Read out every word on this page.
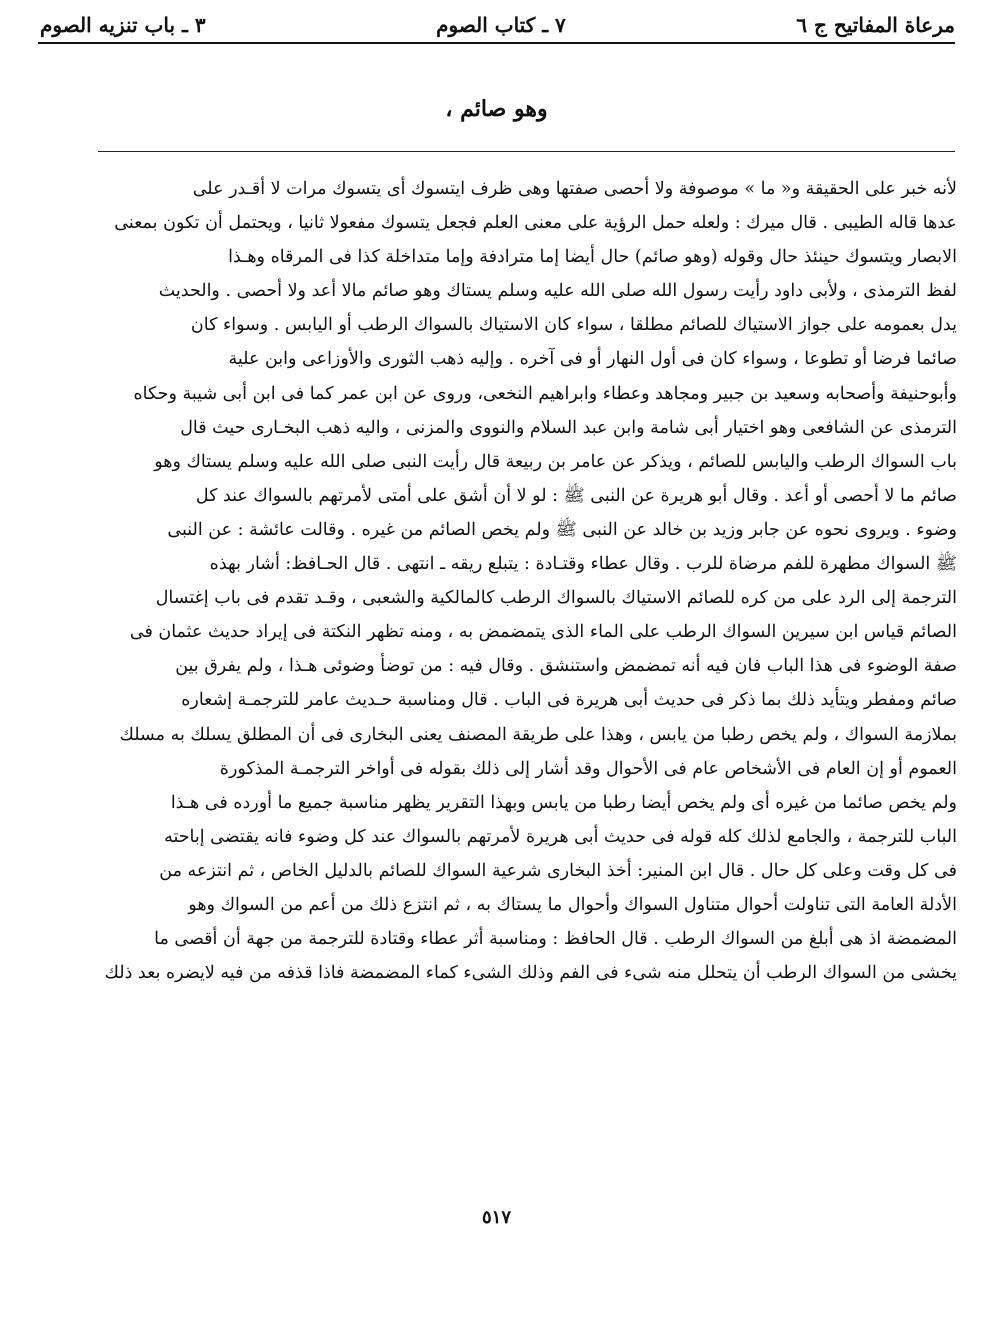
مرعاة المفاتيح ج ٦
٧ ـ كتاب الصوم
٣ ـ باب تنزيه الصوم
وهو صائم ،
لأنه خبر على الحقيقة و« ما » موصوفة ولا أحصى صفتها وهى ظرف ايتسوك أى يتسوك مرات لا أقـدر على
عدها قاله الطيبى . قال ميرك : ولعله حمل الرؤية على معنى العلم فجعل يتسوك مفعولا ثانيا ، ويحتمل أن تكون بمعنى
الابصار ويتسوك حينئذ حال وقوله (وهو صائم) حال أيضا إما مترادفة وإما متداخلة كذا فى المرقاه وهـذا
لفظ الترمذى ، ولأبى داود رأيت رسول الله صلى الله عليه وسلم يستاك وهو صائم مالا أعد ولا أحصى . والحديث
يدل بعمومه على جواز الاستياك للصائم مطلقا ، سواء كان الاستياك بالسواك الرطب أو اليابس . وسواء كان
صائما فرضا أو تطوعا ، وسواء كان فى أول النهار أو فى آخره . وإليه ذهب الثورى والأوزاعى وابن علية
وأبوحنيفة وأصحابه وسعيد بن جبير ومجاهد وعطاء وابراهيم النخعى، وروى عن ابن عمر كما فى ابن أبى شيبة وحكاه
الترمذى عن الشافعى وهو اختيار أبى شامة وابن عبد السلام والنووى والمزنى ، واليه ذهب البخـارى حيث قال
باب السواك الرطب واليابس للصائم ، ويذكر عن عامر بن ربيعة قال رأيت النبى صلى الله عليه وسلم يستاك وهو
صائم ما لا أحصى أو أعد . وقال أبو هريرة عن النبى ﷺ : لو لا أن أشق على أمتى لأمرتهم بالسواك عند كل
وضوء . ويروى نحوه عن جابر وزيد بن خالد عن النبى ﷺ ولم يخص الصائم من غيره . وقالت عائشة : عن النبى
ﷺ السواك مطهرة للفم مرضاة للرب . وقال عطاء وقتـادة : يتبلع ريقه ـ انتهى . قال الحـافظ: أشار بهذه
الترجمة إلى الرد على من كره للصائم الاستياك بالسواك الرطب كالمالكية والشعبى ، وقـد تقدم فى باب إغتسال
الصائم قياس ابن سيرين السواك الرطب على الماء الذى يتمضمض به ، ومنه تظهر النكتة فى إيراد حديث عثمان فى
صفة الوضوء فى هذا الباب فان فيه أنه تمضمض واستنشق . وقال فيه : من توضأ وضوئى هـذا ، ولم يفرق بين
صائم ومفطر ويتأيد ذلك بما ذكر فى حديث أبى هريرة فى الباب . قال ومناسبة حـديث عامر للترجمـة إشعاره
بملازمة السواك ، ولم يخص رطبا من يابس ، وهذا على طريقة المصنف يعنى البخارى فى أن المطلق يسلك به مسلك
العموم أو إن العام فى الأشخاص عام فى الأحوال وقد أشار إلى ذلك بقوله فى أواخر الترجمـة المذكورة
ولم يخص صائما من غيره أى ولم يخص أيضا رطبا من يابس وبهذا التقرير يظهر مناسبة جميع ما أورده فى هـذا
الباب للترجمة ، والجامع لذلك كله قوله فى حديث أبى هريرة لأمرتهم بالسواك عند كل وضوء فانه يقتضى إباحته
فى كل وقت وعلى كل حال . قال ابن المنير: أخذ البخارى شرعية السواك للصائم بالدليل الخاص ، ثم انتزعه من
الأدلة العامة التى تناولت أحوال متناول السواك وأحوال ما يستاك به ، ثم انتزع ذلك من أعم من السواك وهو
المضمضة اذ هى أبلغ من السواك الرطب . قال الحافظ : ومناسبة أثر عطاء وقتادة للترجمة من جهة أن أقصى ما
يخشى من السواك الرطب أن يتحلل منه شىء فى الفم وذلك الشىء كماء المضمضة فاذا قذفه من فيه لايضره بعد ذلك
٥١٧
